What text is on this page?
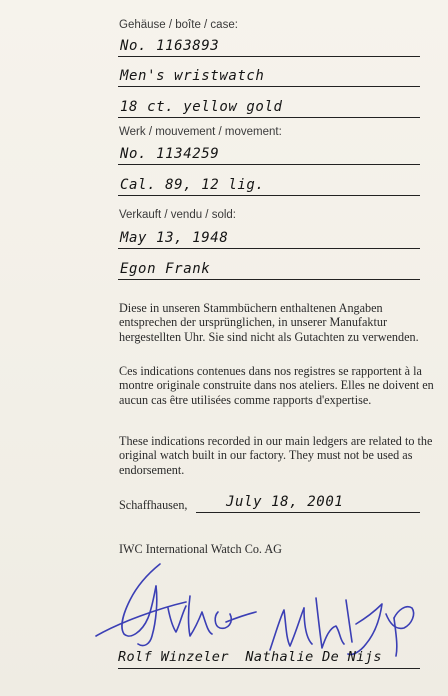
Gehäuse / boîte / case:
No. 1163893
Men's wristwatch
18 ct. yellow gold
Werk / mouvement / movement:
No. 1134259
Cal. 89, 12 lig.
Verkauft / vendu / sold:
May 13, 1948
Egon Frank

Diese in unseren Stammbüchern enthaltenen Angaben entsprechen der ursprünglichen, in unserer Manufaktur hergestellten Uhr. Sie sind nicht als Gutachten zu verwenden.

Ces indications contenues dans nos registres se rapportent à la montre originale construite dans nos ateliers. Elles ne doivent en aucun cas être utilisées comme rapports d'expertise.

These indications recorded in our main ledgers are related to the original watch built in our factory. They must not be used as endorsement.

Schaffhausen,	July 18, 2001
IWC International Watch Co. AG
Rolf Winzeler Nathalie De Nijs
